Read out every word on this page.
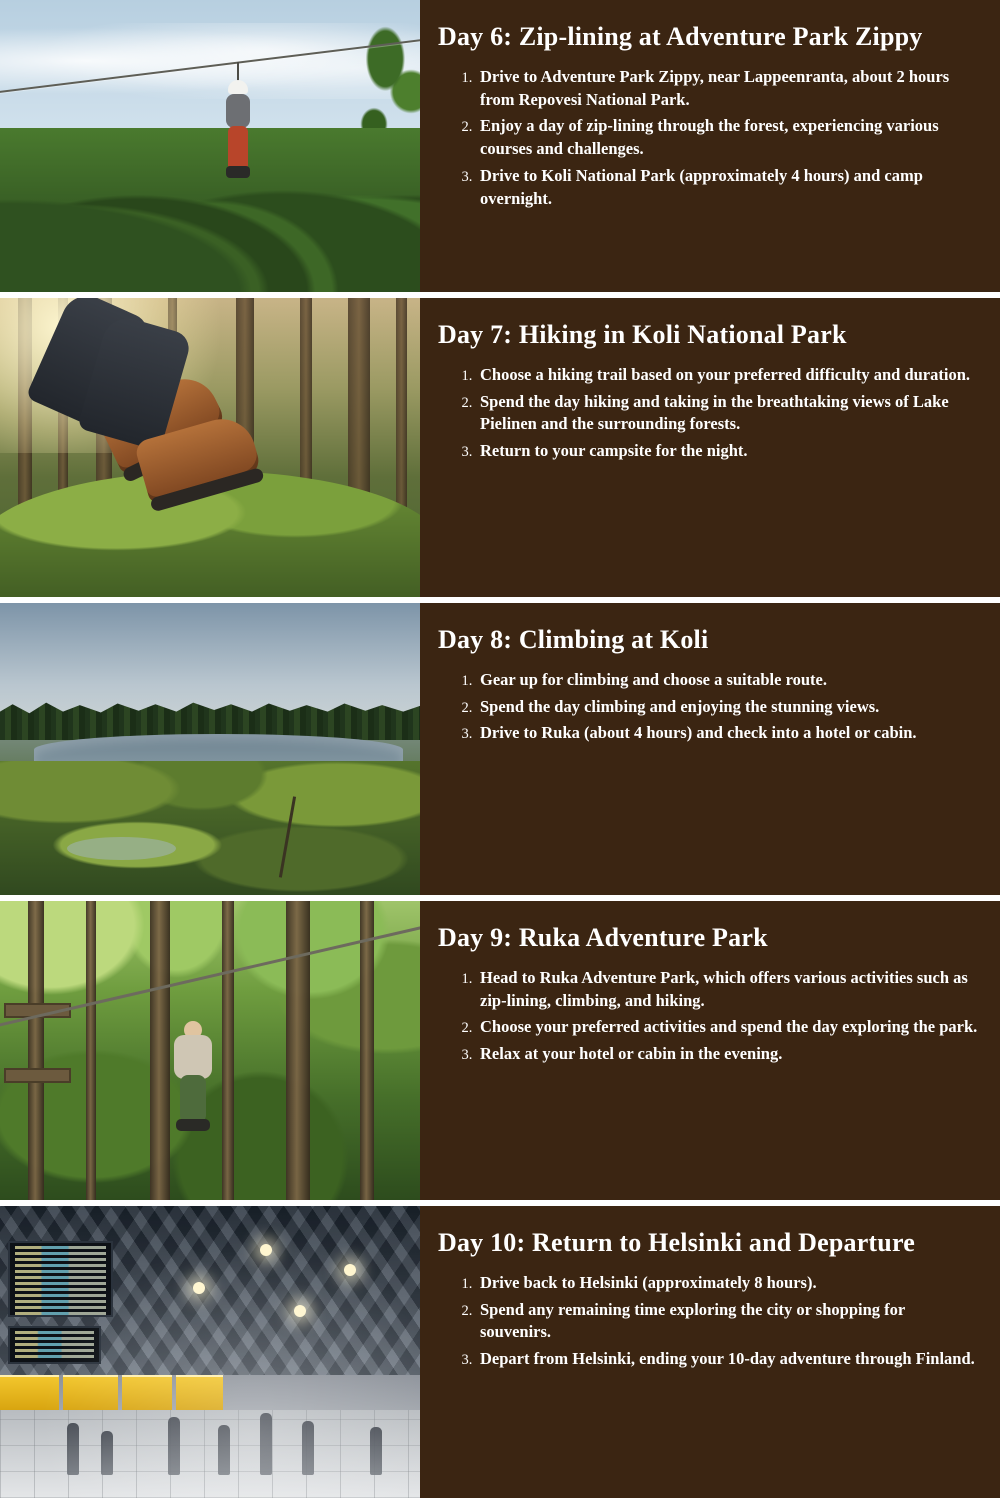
Day 6: Zip-lining at Adventure Park Zippy
1. Drive to Adventure Park Zippy, near Lappeenranta, about 2 hours from Repovesi National Park.
2. Enjoy a day of zip-lining through the forest, experiencing various courses and challenges.
3. Drive to Koli National Park (approximately 4 hours) and camp overnight.
Day 7: Hiking in Koli National Park
1. Choose a hiking trail based on your preferred difficulty and duration.
2. Spend the day hiking and taking in the breathtaking views of Lake Pielinen and the surrounding forests.
3. Return to your campsite for the night.
Day 8: Climbing at Koli
1. Gear up for climbing and choose a suitable route.
2. Spend the day climbing and enjoying the stunning views.
3. Drive to Ruka (about 4 hours) and check into a hotel or cabin.
Day 9: Ruka Adventure Park
1. Head to Ruka Adventure Park, which offers various activities such as zip-lining, climbing, and hiking.
2. Choose your preferred activities and spend the day exploring the park.
3. Relax at your hotel or cabin in the evening.
Day 10: Return to Helsinki and Departure
1. Drive back to Helsinki (approximately 8 hours).
2. Spend any remaining time exploring the city or shopping for souvenirs.
3. Depart from Helsinki, ending your 10-day adventure through Finland.
